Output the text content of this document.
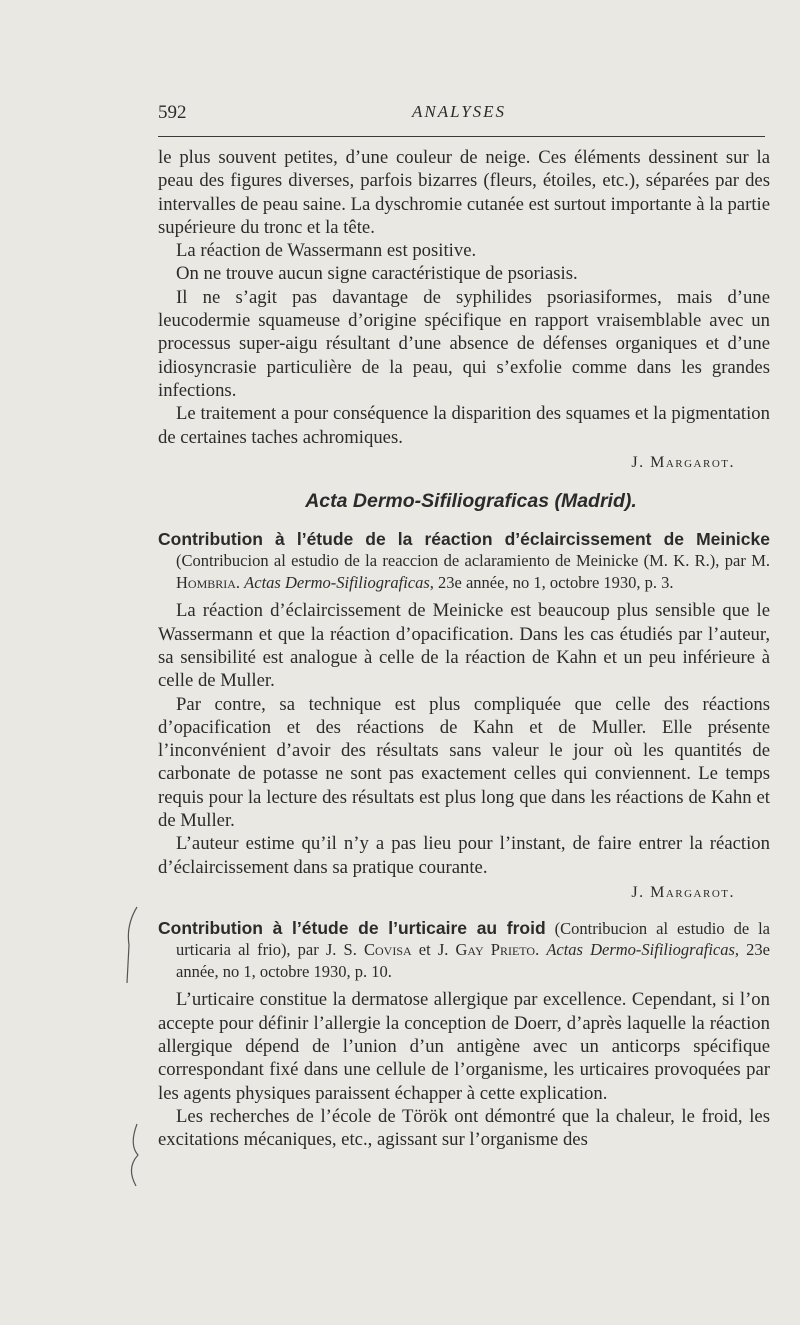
592	ANALYSES

le plus souvent petites, d’une couleur de neige. Ces éléments dessinent sur la peau des figures diverses, parfois bizarres (fleurs, étoiles, etc.), séparées par des intervalles de peau saine. La dyschromie cutanée est surtout importante à la partie supérieure du tronc et la tête.

La réaction de Wassermann est positive.

On ne trouve aucun signe caractéristique de psoriasis.

Il ne s’agit pas davantage de syphilides psoriasiformes, mais d’une leucodermie squameuse d’origine spécifique en rapport vraisemblable avec un processus super-aigu résultant d’une absence de défenses organiques et d’une idiosyncrasie particulière de la peau, qui s’exfolie comme dans les grandes infections.

Le traitement a pour conséquence la disparition des squames et la pigmentation de certaines taches achromiques.

J. Margarot.
Acta Dermo-Sifiliograficas (Madrid).
Contribution à l’étude de la réaction d’éclaircissement de Meinicke (Contribucion al estudio de la reaccion de aclaramiento de Meinicke (M. K. R.), par M. Hombria. Actas Dermo-Sifiliograficas, 23e année, no 1, octobre 1930, p. 3.

La réaction d’éclaircissement de Meinicke est beaucoup plus sensible que le Wassermann et que la réaction d’opacification. Dans les cas étudiés par l’auteur, sa sensibilité est analogue à celle de la réaction de Kahn et un peu inférieure à celle de Muller.

Par contre, sa technique est plus compliquée que celle des réactions d’opacification et des réactions de Kahn et de Muller. Elle présente l’inconvénient d’avoir des résultats sans valeur le jour où les quantités de carbonate de potasse ne sont pas exactement celles qui conviennent. Le temps requis pour la lecture des résultats est plus long que dans les réactions de Kahn et de Muller.

L’auteur estime qu’il n’y a pas lieu pour l’instant, de faire entrer la réaction d’éclaircissement dans sa pratique courante.

J. Margarot.
Contribution à l’étude de l’urticaire au froid (Contribucion al estudio de la urticaria al frio), par J. S. Covisa et J. Gay Prieto. Actas Dermo-Sifiliograficas, 23e année, no 1, octobre 1930, p. 10.

L’urticaire constitue la dermatose allergique par excellence. Cependant, si l’on accepte pour définir l’allergie la conception de Doerr, d’après laquelle la réaction allergique dépend de l’union d’un antigène avec un anticorps spécifique correspondant fixé dans une cellule de l’organisme, les urticaires provoquées par les agents physiques paraissent échapper à cette explication.

Les recherches de l’école de Török ont démontré que la chaleur, le froid, les excitations mécaniques, etc., agissant sur l’organisme des
